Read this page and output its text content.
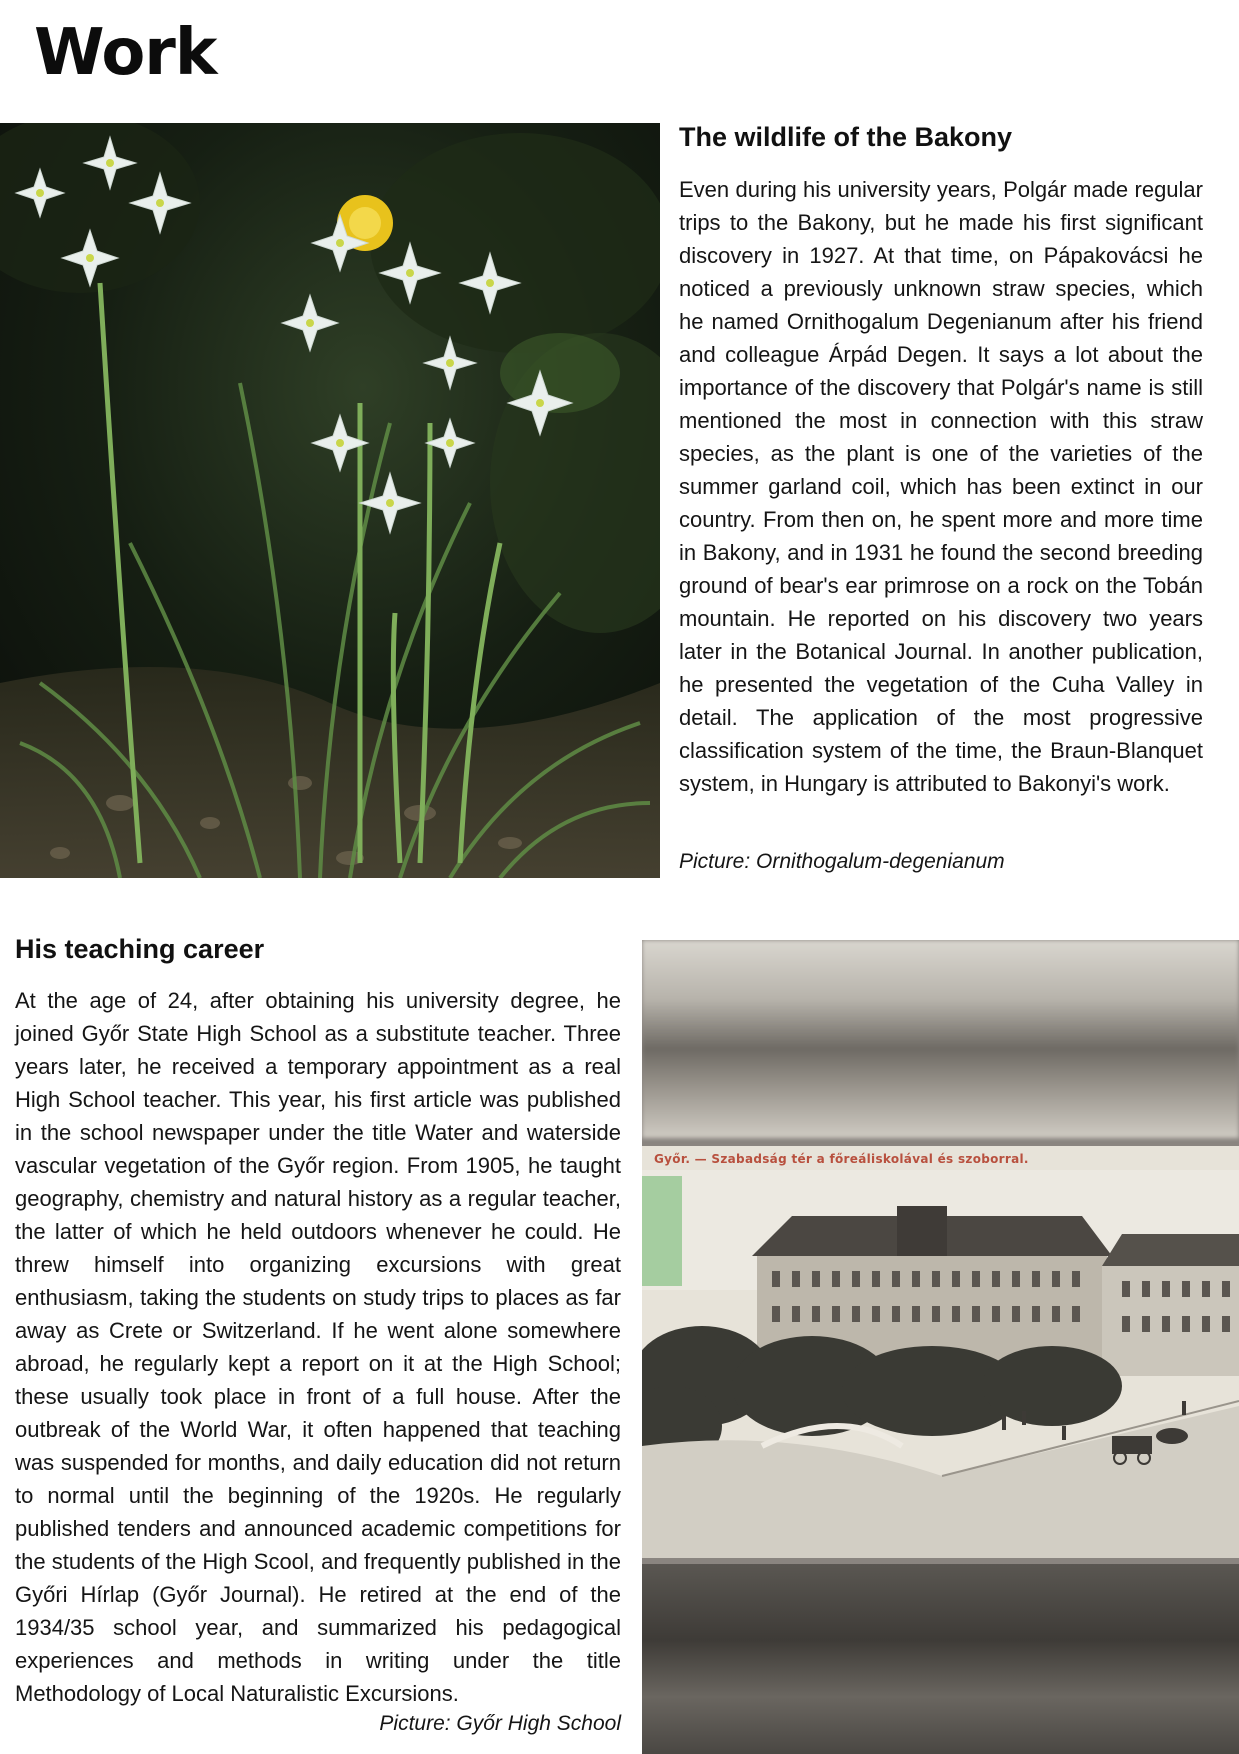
Work
The wildlife of the Bakony

Even during his university years, Polgár made regular trips to the Bakony, but he made his first significant discovery in 1927. At that time, on Pápakovácsi he noticed a previously unknown straw species, which he named Ornithogalum Degenianum after his friend and colleague Árpád Degen. It says a lot about the importance of the discovery that Polgár's name is still mentioned the most in connection with this straw species, as the plant is one of the varieties of the summer garland coil, which has been extinct in our country. From then on, he spent more and more time in Bakony, and in 1931 he found the second breeding ground of bear's ear primrose on a rock on the Tobán mountain. He reported on his discovery two years later in the Botanical Journal. In another publication, he presented the vegetation of the Cuha Valley in detail. The application of the most progressive classification system of the time, the Braun-Blanquet system, in Hungary is attributed to Bakonyi's work.

Picture: Ornithogalum-degenianum
His teaching career

At the age of 24, after obtaining his university degree, he joined Győr State High School as a substitute teacher. Three years later, he received a temporary appointment as a real High School teacher. This year, his first article was published in the school newspaper under the title Water and waterside vascular vegetation of the Győr region. From 1905, he taught geography, chemistry and natural history as a regular teacher, the latter of which he held outdoors whenever he could. He threw himself into organizing excursions with great enthusiasm, taking the students on study trips to places as far away as Crete or Switzerland. If he went alone somewhere abroad, he regularly kept a report on it at the High School; these usually took place in front of a full house. After the outbreak of the World War, it often happened that teaching was suspended for months, and daily education did not return to normal until the beginning of the 1920s. He regularly published tenders and announced academic competitions for the students of the High Scool, and frequently published in the Győri Hírlap (Győr Journal). He retired at the end of the 1934/35 school year, and summarized his pedagogical experiences and methods in writing under the title Methodology of Local Naturalistic Excursions.

Picture: Győr High School
Győr. — Szabadság tér a főreáliskolával és szoborral.
